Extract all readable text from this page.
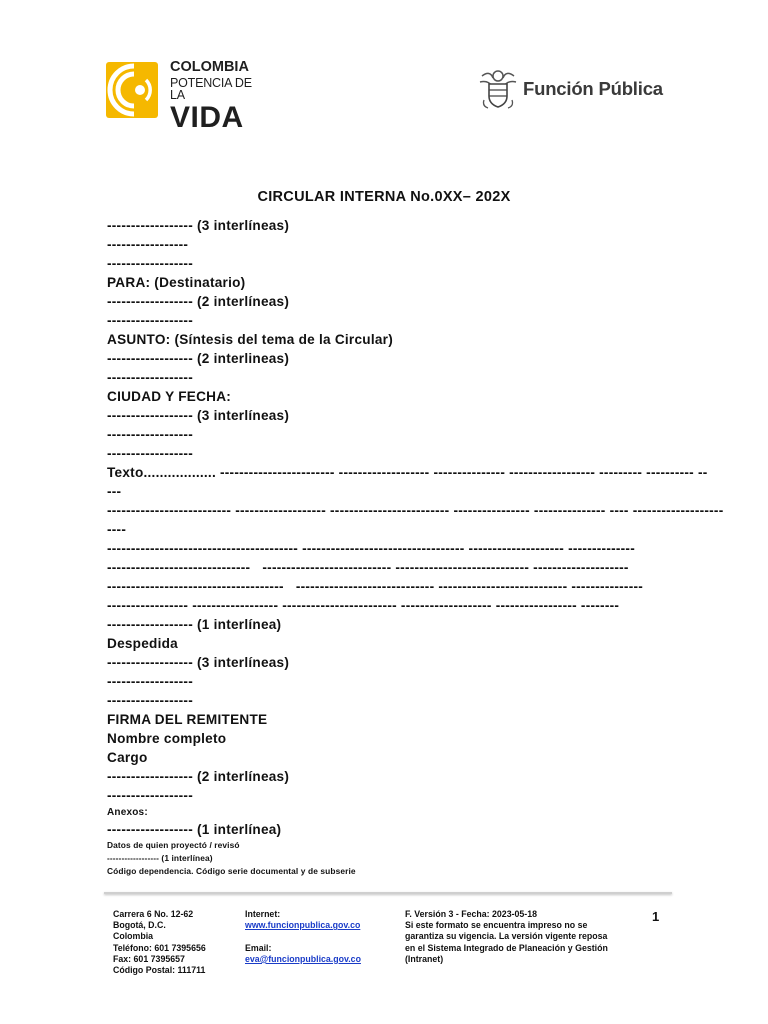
COLOMBIA
POTENCIA DE LA
VIDA
Función Pública
CIRCULAR INTERNA No.0XX– 202X
------------------ (3 interlíneas)
-----------------
------------------
PARA: (Destinatario)
------------------ (2 interlíneas)
------------------
ASUNTO: (Síntesis del tema de la Circular)
------------------ (2 interlineas)
------------------
CIUDAD Y FECHA:
------------------ (3 interlíneas)
------------------
------------------
Texto.................. ------------------------ ------------------- --------------- ------------------ --------- ---------- --
---
-------------------------- ------------------- ------------------------- ---------------- --------------- ---- -------------------
----
---------------------------------------- ---------------------------------- -------------------- --------------
------------------------------   --------------------------- ---------------------------- --------------------
-------------------------------------   ----------------------------- --------------------------- ---------------
----------------- ------------------ ------------------------ ------------------- ----------------- --------
------------------ (1 interlínea)
Despedida
------------------ (3 interlíneas)
------------------
------------------
FIRMA DEL REMITENTE
Nombre completo
Cargo
------------------ (2 interlíneas)
------------------
Anexos:
------------------ (1 interlínea)
Datos de quien proyectó / revisó
------------------ (1 interlínea)
Código dependencia. Código serie documental y de subserie
Carrera 6 No. 12-62
Bogotá, D.C.
Colombia
Teléfono: 601 7395656
Fax: 601 7395657
Código Postal: 111711
Internet:
www.funcionpublica.gov.co

Email:
eva@funcionpublica.gov.co
F. Versión 3 - Fecha: 2023-05-18
Si este formato se encuentra impreso no se
garantiza su vigencia. La versión vigente reposa
en el Sistema Integrado de Planeación y Gestión
(Intranet)
1
